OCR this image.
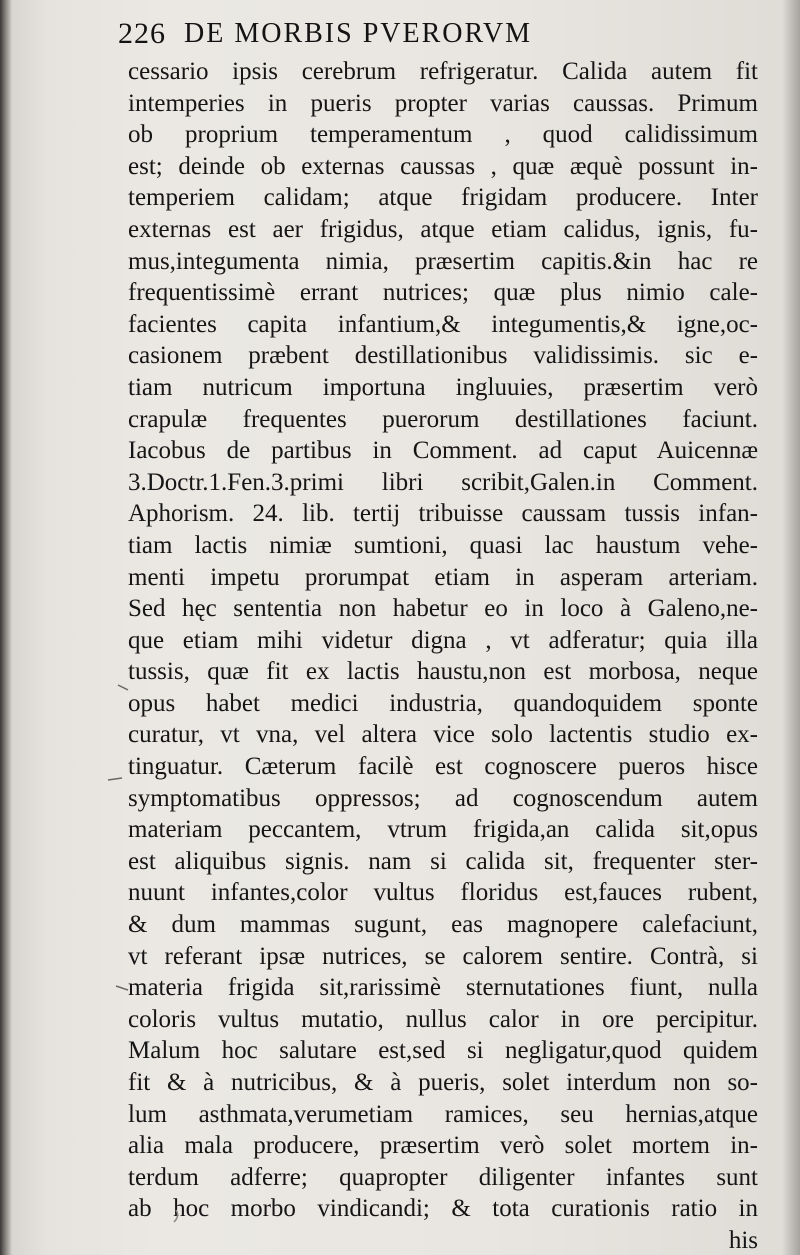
226 DE MORBIS PVERORVM
cessario ipsis cerebrum refrigeratur. Calida autem fit
intemperies in pueris propter varias caussas. Primum
ob proprium temperamentum , quod calidissimum
est; deinde ob externas caussas , quæ æquè possunt in-
temperiem calidam; atque frigidam producere. Inter
externas est aer frigidus, atque etiam calidus, ignis, fu-
mus,integumenta nimia, præsertim capitis.&in hac re
frequentissimè errant nutrices; quæ plus nimio cale-
facientes capita infantium,& integumentis,& igne,oc-
casionem præbent destillationibus validissimis. sic e-
tiam nutricum importuna ingluuies, præsertim verò
crapulæ frequentes puerorum destillationes faciunt.
Iacobus de partibus in Comment. ad caput Auicennæ
3.Doctr.1.Fen.3.primi libri scribit,Galen.in Comment.
Aphorism. 24. lib. tertij tribuisse caussam tussis infan-
tiam lactis nimiæ sumtioni, quasi lac haustum vehe-
menti impetu prorumpat etiam in asperam arteriam.
Sed hęc sententia non habetur eo in loco à Galeno,ne-
que etiam mihi videtur digna , vt adferatur; quia illa
tussis, quæ fit ex lactis haustu,non est morbosa, neque
opus habet medici industria, quandoquidem sponte
curatur, vt vna, vel altera vice solo lactentis studio ex-
tinguatur. Cæterum facilè est cognoscere pueros hisce
symptomatibus oppressos; ad cognoscendum autem
materiam peccantem, vtrum frigida,an calida sit,opus
est aliquibus signis. nam si calida sit, frequenter ster-
nuunt infantes,color vultus floridus est,fauces rubent,
& dum mammas sugunt, eas magnopere calefaciunt,
vt referant ipsæ nutrices, se calorem sentire. Contrà, si
materia frigida sit,rarissimè sternutationes fiunt, nulla
coloris vultus mutatio, nullus calor in ore percipitur.
Malum hoc salutare est,sed si negligatur,quod quidem
fit & à nutricibus, & à pueris, solet interdum non so-
lum asthmata,verumetiam ramices, seu hernias,atque
alia mala producere, præsertim verò solet mortem in-
terdum adferre; quapropter diligenter infantes sunt
ab hoc morbo vindicandi; & tota curationis ratio in
his
